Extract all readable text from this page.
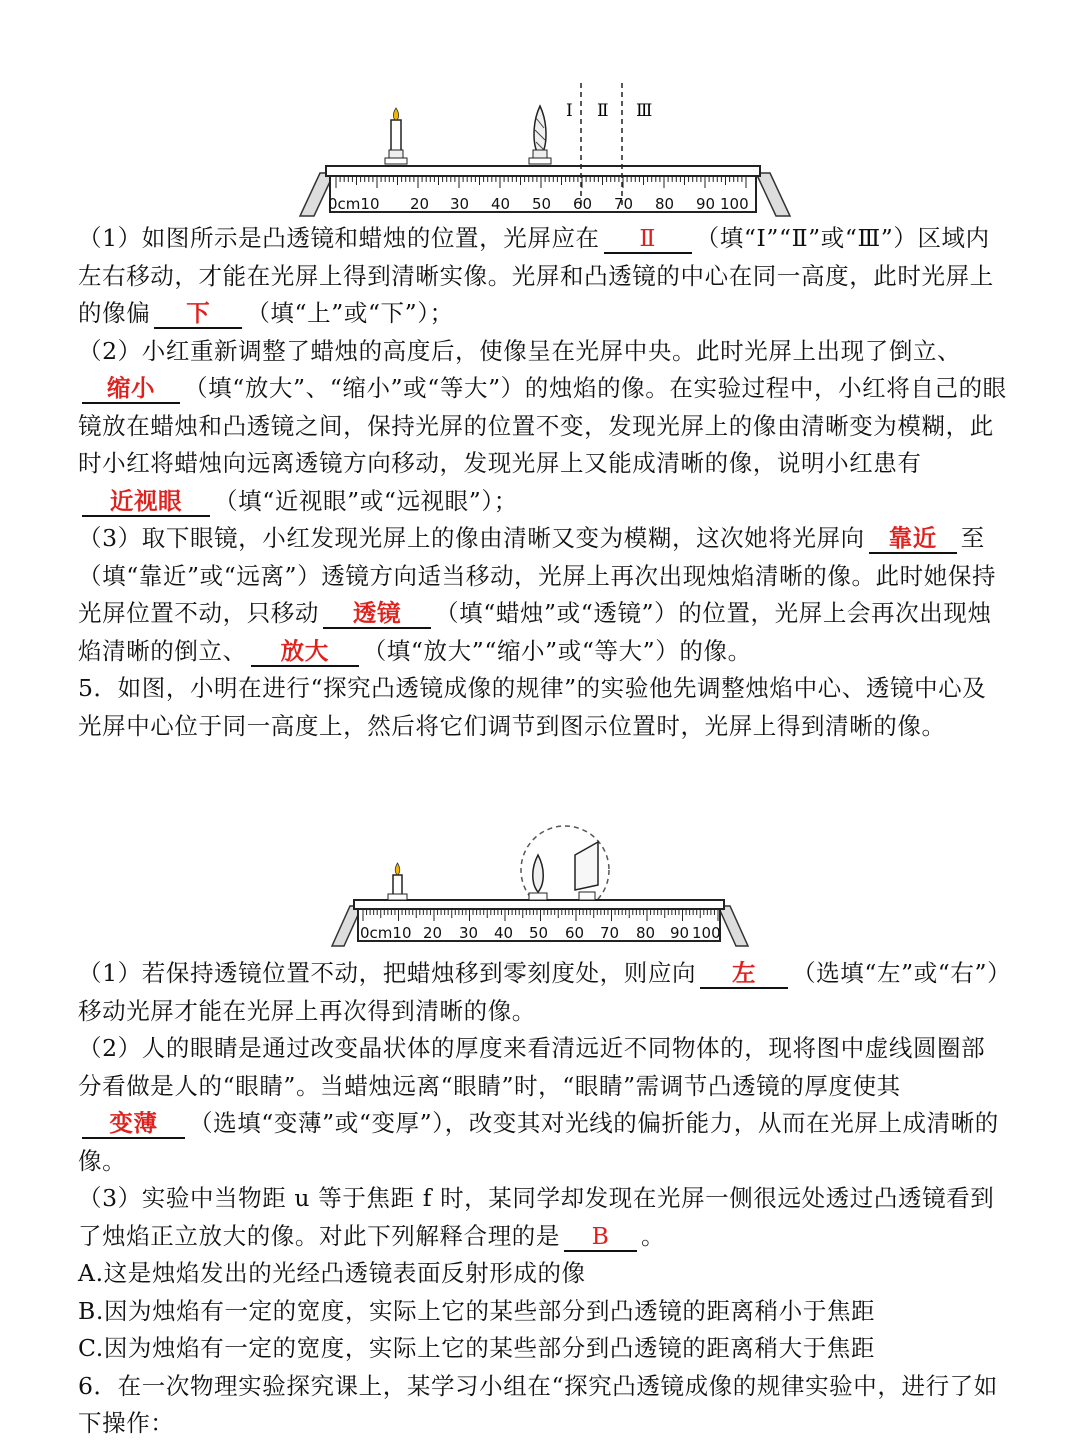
Ⅰ Ⅱ Ⅲ
0cm10 20 30 40 50 60 70 80 90 100

（1）如图所示是凸透镜和蜡烛的位置，光屏应在 Ⅱ （填“Ⅰ”“Ⅱ”或“Ⅲ”）区域内左右移动，才能在光屏上得到清晰实像。光屏和凸透镜的中心在同一高度，此时光屏上的像偏 下 （填“上”或“下”）；

（2）小红重新调整了蜡烛的高度后，使像呈在光屏中央。此时光屏上出现了倒立、缩小 （填“放大”、“缩小”或“等大”）的烛焰的像。在实验过程中，小红将自己的眼镜放在蜡烛和凸透镜之间，保持光屏的位置不变，发现光屏上的像由清晰变为模糊，此时小红将蜡烛向远离透镜方向移动，发现光屏上又能成清晰的像，说明小红患有近视眼 （填“近视眼”或“远视眼”）；

（3）取下眼镜，小红发现光屏上的像由清晰又变为模糊，这次她将光屏向 靠近 至（填“靠近”或“远离”）透镜方向适当移动，光屏上再次出现烛焰清晰的像。此时她保持光屏位置不动，只移动 透镜 （填“蜡烛”或“透镜”）的位置，光屏上会再次出现烛焰清晰的倒立、 放大 （填“放大”“缩小”或“等大”）的像。

5．如图，小明在进行“探究凸透镜成像的规律”的实验他先调整烛焰中心、透镜中心及光屏中心位于同一高度上，然后将它们调节到图示位置时，光屏上得到清晰的像。

0cm10 20 30 40 50 60 70 80 90 100

（1）若保持透镜位置不动，把蜡烛移到零刻度处，则应向 左 （选填“左”或“右”）移动光屏才能在光屏上再次得到清晰的像。

（2）人的眼睛是通过改变晶状体的厚度来看清远近不同物体的，现将图中虚线圆圈部分看做是人的“眼睛”。当蜡烛远离“眼睛”时，“眼睛”需调节凸透镜的厚度使其变薄 （选填“变薄”或“变厚”），改变其对光线的偏折能力，从而在光屏上成清晰的像。

（3）实验中当物距 u 等于焦距 f 时，某同学却发现在光屏一侧很远处透过凸透镜看到了烛焰正立放大的像。对此下列解释合理的是 B 。

A.这是烛焰发出的光经凸透镜表面反射形成的像

B.因为烛焰有一定的宽度，实际上它的某些部分到凸透镜的距离稍小于焦距

C.因为烛焰有一定的宽度，实际上它的某些部分到凸透镜的距离稍大于焦距

6．在一次物理实验探究课上，某学习小组在“探究凸透镜成像的规律实验中，进行了如下操作：
